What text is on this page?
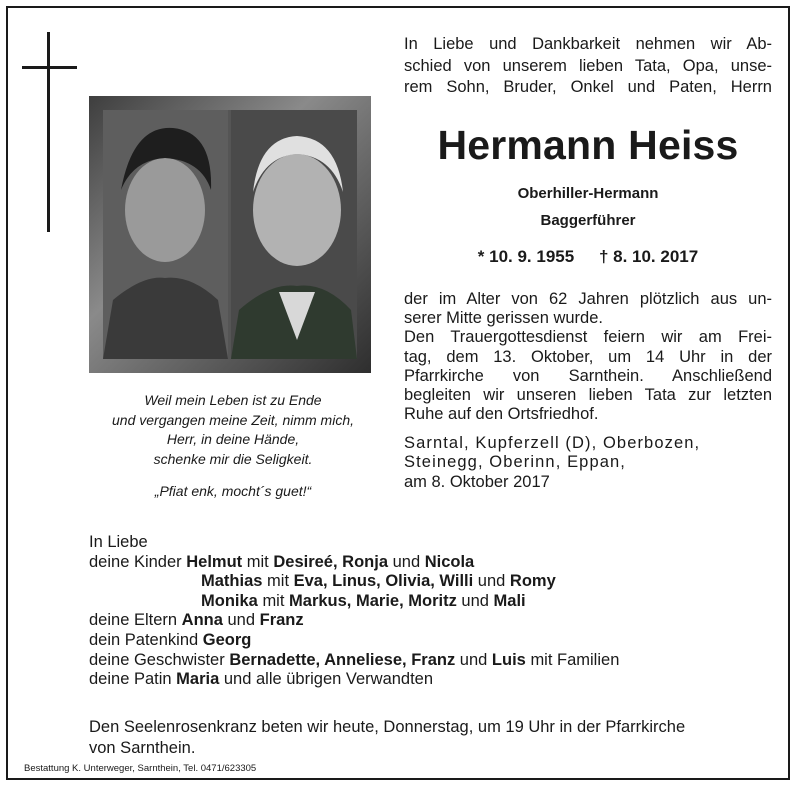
Weil mein Leben ist zu Ende
und vergangen meine Zeit, nimm mich,
Herr, in deine Hände,
schenke mir die Seligkeit.
„Pfiat enk, mocht´s guet!“
In Liebe und Dankbarkeit nehmen wir Ab-
schied von unserem lieben Tata, Opa, unse-
rem Sohn, Bruder, Onkel und Paten, Herrn
Hermann Heiss
Oberhiller-Hermann
Baggerführer
* 10. 9. 1955 † 8. 10. 2017
der im Alter von 62 Jahren plötzlich aus un-
serer Mitte gerissen wurde.
Den Trauergottesdienst feiern wir am Frei-
tag, dem 13. Oktober, um 14 Uhr in der
Pfarrkirche von Sarnthein. Anschließend
begleiten wir unseren lieben Tata zur letzten
Ruhe auf den Ortsfriedhof.
Sarntal, Kupferzell (D), Oberbozen,
Steinegg, Oberinn, Eppan,
am 8. Oktober 2017
In Liebe
deine Kinder Helmut mit Desireé, Ronja und Nicola
Mathias mit Eva, Linus, Olivia, Willi und Romy
Monika mit Markus, Marie, Moritz und Mali
deine Eltern Anna und Franz
dein Patenkind Georg
deine Geschwister Bernadette, Anneliese, Franz und Luis mit Familien
deine Patin Maria und alle übrigen Verwandten
Den Seelenrosenkranz beten wir heute, Donnerstag, um 19 Uhr in der Pfarrkirche
von Sarnthein.
Bestattung K. Unterweger, Sarnthein, Tel. 0471/623305
